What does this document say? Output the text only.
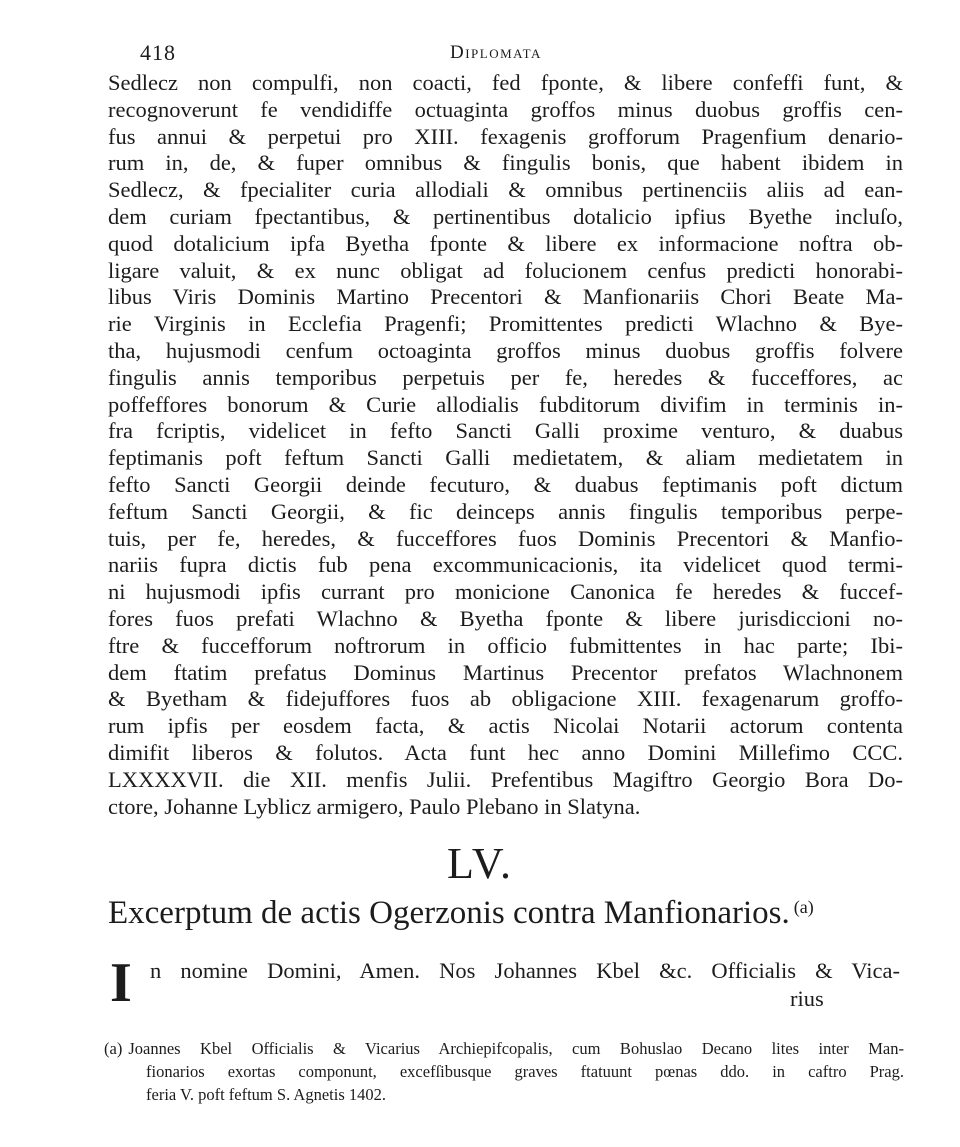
418	Diplomata
Sedlecz non compulfi, non coacti, fed fponte, & libere confeffi funt, &
recognoverunt fe vendidiffe octuaginta groffos minus duobus groffis cen-
fus annui & perpetui pro XIII. fexagenis grofforum Pragenfium denario-
rum in, de, & fuper omnibus & fingulis bonis, que habent ibidem in
Sedlecz, & fpecialiter curia allodiali & omnibus pertinenciis aliis ad ean-
dem curiam fpectantibus, & pertinentibus dotalicio ipfius Byethe incluſo,
quod dotalicium ipfa Byetha fponte & libere ex informacione noftra ob-
ligare valuit, & ex nunc obligat ad folucionem cenfus predicti honorabi-
libus Viris Dominis Martino Precentori & Manfionariis Chori Beate Ma-
rie Virginis in Ecclefia Pragenfi; Promittentes predicti Wlachno & Bye-
tha, hujusmodi cenfum octoaginta groffos minus duobus groffis folvere
fingulis annis temporibus perpetuis per fe, heredes & fucceffores, ac
poffeffores bonorum & Curie allodialis fubditorum divifim in terminis in-
fra fcriptis, videlicet in fefto Sancti Galli proxime venturo, & duabus
feptimanis poft feftum Sancti Galli medietatem, & aliam medietatem in
fefto Sancti Georgii deinde fecuturo, & duabus feptimanis poft dictum
feftum Sancti Georgii, & fic deinceps annis fingulis temporibus perpe-
tuis, per fe, heredes, & fucceffores fuos Dominis Precentori & Manfio-
nariis fupra dictis fub pena excommunicacionis, ita videlicet quod termi-
ni hujusmodi ipfis currant pro monicione Canonica fe heredes & fuccef-
fores fuos prefati Wlachno & Byetha fponte & libere jurisdiccioni no-
ftre & fuccefforum noftrorum in officio fubmittentes in hac parte; Ibi-
dem ftatim prefatus Dominus Martinus Precentor prefatos Wlachnonem
& Byetham & fidejuffores fuos ab obligacione XIII. fexagenarum groffo-
rum ipfis per eosdem facta, & actis Nicolai Notarii actorum contenta
dimifit liberos & folutos. Acta funt hec anno Domini Millefimo CCC.
LXXXXVII. die XII. menfis Julii. Prefentibus Magiftro Georgio Bora Do-
ctore, Johanne Lyblicz armigero, Paulo Plebano in Slatyna.
LV.
Excerptum de actis Ogerzonis contra Manfionarios. $^{(a)}$
I n nomine Domini, Amen. Nos Johannes Kbel &c. Officialis & Vica-
rius
(a) Joannes Kbel Officialis & Vicarius Archiepifcopalis, cum Bohuslao Decano lites inter Man-
fionarios exortas componunt, excefſibusque graves ftatuunt pœnas ddo. in caftro Prag.
feria V. poft feftum S. Agnetis 1402.
